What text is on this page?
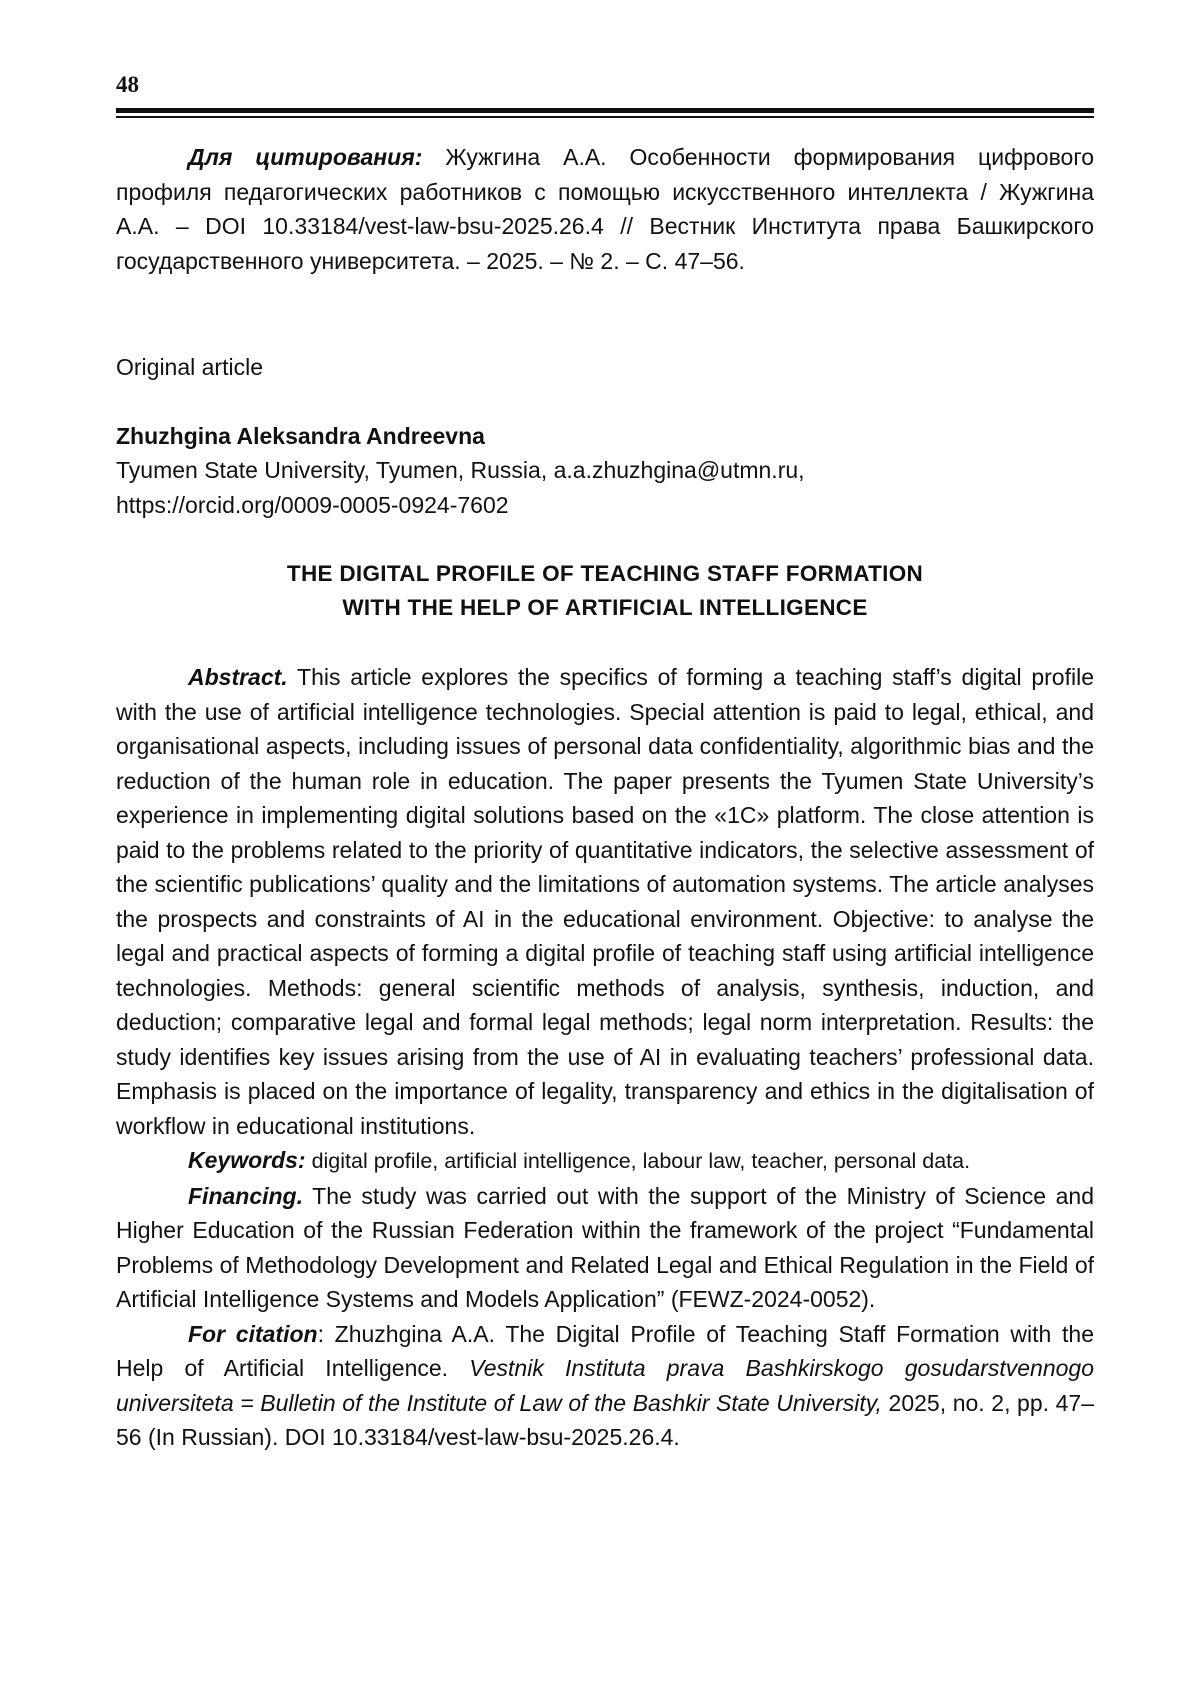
48
Для цитирования: Жужгина А.А. Особенности формирования цифрового профиля педагогических работников с помощью искусственного интеллекта / Жужгина А.А. – DOI 10.33184/vest-law-bsu-2025.26.4 // Вестник Института права Башкирского государственного университета. – 2025. – № 2. – С. 47–56.
Original article
Zhuzhgina Aleksandra Andreevna
Tyumen State University, Tyumen, Russia, a.a.zhuzhgina@utmn.ru,
https://orcid.org/0009-0005-0924-7602
THE DIGITAL PROFILE OF TEACHING STAFF FORMATION
WITH THE HELP OF ARTIFICIAL INTELLIGENCE

Abstract. This article explores the specifics of forming a teaching staff’s digital profile with the use of artificial intelligence technologies. Special attention is paid to legal, ethical, and organisational aspects, including issues of personal data confidentiality, algorithmic bias and the reduction of the human role in education. The paper presents the Tyumen State University’s experience in implementing digital solutions based on the «1C» platform. The close attention is paid to the problems related to the priority of quantitative indicators, the selective assessment of the scientific publications’ quality and the limitations of automation systems. The article analyses the prospects and constraints of AI in the educational environment. Objective: to analyse the legal and practical aspects of forming a digital profile of teaching staff using artificial intelligence technologies. Methods: general scientific methods of analysis, synthesis, induction, and deduction; comparative legal and formal legal methods; legal norm interpretation. Results: the study identifies key issues arising from the use of AI in evaluating teachers’ professional data. Emphasis is placed on the importance of legality, transparency and ethics in the digitalisation of workflow in educational institutions.

Keywords: digital profile, artificial intelligence, labour law, teacher, personal data.

Financing. The study was carried out with the support of the Ministry of Science and Higher Education of the Russian Federation within the framework of the project “Fundamental Problems of Methodology Development and Related Legal and Ethical Regulation in the Field of Artificial Intelligence Systems and Models Application” (FEWZ-2024-0052).

For citation: Zhuzhgina A.A. The Digital Profile of Teaching Staff Formation with the Help of Artificial Intelligence. Vestnik Instituta prava Bashkirskogo gosudarstvennogo universiteta = Bulletin of the Institute of Law of the Bashkir State University, 2025, no. 2, pp. 47–56 (In Russian). DOI 10.33184/vest-law-bsu-2025.26.4.
